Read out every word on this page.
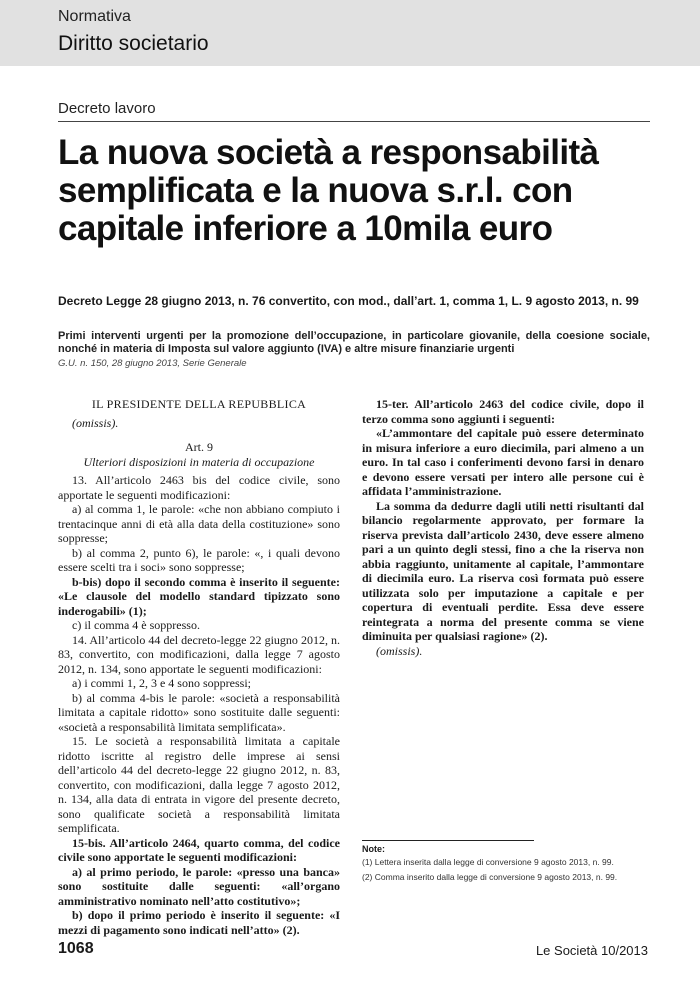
Normativa
Diritto societario
Decreto lavoro
La nuova società a responsabilità semplificata e la nuova s.r.l. con capitale inferiore a 10mila euro
Decreto Legge 28 giugno 2013, n. 76 convertito, con mod., dall’art. 1, comma 1, L. 9 agosto 2013, n. 99
Primi interventi urgenti per la promozione dell’occupazione, in particolare giovanile, della coesione sociale, nonché in materia di Imposta sul valore aggiunto (IVA) e altre misure finanziarie urgenti
G.U. n. 150, 28 giugno 2013, Serie Generale

IL PRESIDENTE DELLA REPUBBLICA

(omissis).

Art. 9

Ulteriori disposizioni in materia di occupazione

13. All’articolo 2463 bis del codice civile, sono apportate le seguenti modificazioni:

a) al comma 1, le parole: «che non abbiano compiuto i trentacinque anni di età alla data della costituzione» sono soppresse;

b) al comma 2, punto 6), le parole: «, i quali devono essere scelti tra i soci» sono soppresse;

b-bis) dopo il secondo comma è inserito il seguente: «Le clausole del modello standard tipizzato sono inderogabili» (1);

c) il comma 4 è soppresso.

14. All’articolo 44 del decreto-legge 22 giugno 2012, n. 83, convertito, con modificazioni, dalla legge 7 agosto 2012, n. 134, sono apportate le seguenti modificazioni:

a) i commi 1, 2, 3 e 4 sono soppressi;

b) al comma 4-bis le parole: «società a responsabilità limitata a capitale ridotto» sono sostituite dalle seguenti: «società a responsabilità limitata semplificata».

15. Le società a responsabilità limitata a capitale ridotto iscritte al registro delle imprese ai sensi dell’articolo 44 del decreto-legge 22 giugno 2012, n. 83, convertito, con modificazioni, dalla legge 7 agosto 2012, n. 134, alla data di entrata in vigore del presente decreto, sono qualificate società a responsabilità limitata semplificata.

15-bis. All’articolo 2464, quarto comma, del codice civile sono apportate le seguenti modificazioni:

a) al primo periodo, le parole: «presso una banca» sono sostituite dalle seguenti: «all’organo amministrativo nominato nell’atto costitutivo»;

b) dopo il primo periodo è inserito il seguente: «I mezzi di pagamento sono indicati nell’atto» (2).

15-ter. All’articolo 2463 del codice civile, dopo il terzo comma sono aggiunti i seguenti:

«L’ammontare del capitale può essere determinato in misura inferiore a euro diecimila, pari almeno a un euro. In tal caso i conferimenti devono farsi in denaro e devono essere versati per intero alle persone cui è affidata l’amministrazione.

La somma da dedurre dagli utili netti risultanti dal bilancio regolarmente approvato, per formare la riserva prevista dall’articolo 2430, deve essere almeno pari a un quinto degli stessi, fino a che la riserva non abbia raggiunto, unitamente al capitale, l’ammontare di diecimila euro. La riserva così formata può essere utilizzata solo per imputazione a capitale e per copertura di eventuali perdite. Essa deve essere reintegrata a norma del presente comma se viene diminuita per qualsiasi ragione» (2).

(omissis).

Note:

(1) Lettera inserita dalla legge di conversione 9 agosto 2013, n. 99.

(2) Comma inserito dalla legge di conversione 9 agosto 2013, n. 99.

1068	Le Società 10/2013
